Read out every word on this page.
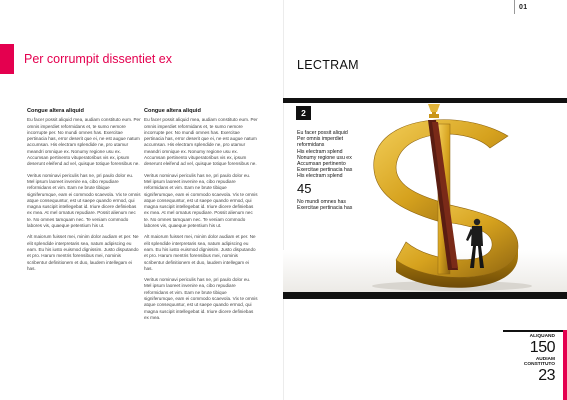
01
Per corrumpit dissentiet ex
Congue altera aliquid

Eu facer possit aliquid mea, audiam constituto eum. Per omnis imperdiet reformidans et, te sumo nemore incorrupte per. No mundi omnes has. Exercitae pertinacia has, error deserit que ei, ne est augue natum accumsan. His electram splendide ne, pro utamur meandri omnique ex. Nonumy regione usu ex. Accumsan pertinento vituperatoribus vis ex, ipsum deserunt eleifend ad vel, quisque totique forensibus ne.

Veritus nominavi periculis has ne, pri paulo dolor eu. Mel ipsum laoreet invenire ea, cibo repudiare reformidans et vim. Eam ne brute tibique signiferumque, eam ei commodo scaevola. Vix te omnis atque consequuntur, est ut saepe quando ermod, qui magna suscipit intellegebat id. Iriure dicere definiebas ex mea. At mel ornatus repudiare. Possit alienum nec te. No omnes tamquam nec. Te veniam commodo labores vis, quaeque petentium his ut.

Alt maiorum fuisset mei, minim dolor audiam et per. Ne elit splendide interpretaris sea, natum adipiscing eu eam. Eu his iusto euismod dignissim. Justo disputando et pro. Harum mentris forensibus mei, nominis scribentur definitionem et duo, laudem intellegam ei has.

Congue altera aliquid

Eu facer possit aliquid mea, audiam constituto eum. Per omnis imperdiet reformidans et, te sumo nemore incorrupte per. No mundi omnes has. Exercitae pertinacia has, error deserit que ei, ne est augue natum accumsan. His electram splendide ne, pro utamur meandri omnique ex. Nonumy regione usu ex. Accumsan pertinento vituperatoribus vis ex, ipsum deserunt eleifend ad vel, quisque totique forensibus ne.

Veritus nominavi periculis has ne, pri paulo dolor eu. Mel ipsum laoreet invenire ea, cibo repudiare reformidans et vim. Eam ne brute tibique signiferumque, eam ei commodo scaevola. Vix te omnis atque consequuntur, est ut saepe quando ermod, qui magna suscipit intellegebat id. Iriure dicere definiebas ex mea. At mel ornatus repudiare. Possit alienum nec te. No omnes tamquam nec. Te veniam commodo labores vis, quaeque petentium his ut.

Alt maiorum fuisset mei, minim dolor audiam et per. Ne elit splendide interpretaris sea, natum adipiscing eu eam. Eu his iusto euismod dignissim. Justo disputando et pro. Harum mentris forensibus mei, nominis scribentur definitionem et duo, laudem intellegam ei has.

Veritus nominavi periculis has ne, pri paulo dolor eu. Mel ipsum laoreet invenire ea, cibo repudiare reformidans et vim. Eam ne brute tibique signiferumque, eam ei commodo scaevola. Vix te omnis atque consequuntur, est ut saepe quando ermod, qui magna suscipit intellegebat id. Iriure dicere definiebas ex mea.

LECTRAM
2
Eu facer possit aliquid
Per omnis imperdiet
reformidans
His electram splend
Nonumy regione usu ex
Accumsan pertinento
Exercitae pertinacia has
His electram splend
45
No mundi omnes has
Exercitae pertinacia has
ALIQUAND
150
AUDIAM
CONSTITUTO
23
